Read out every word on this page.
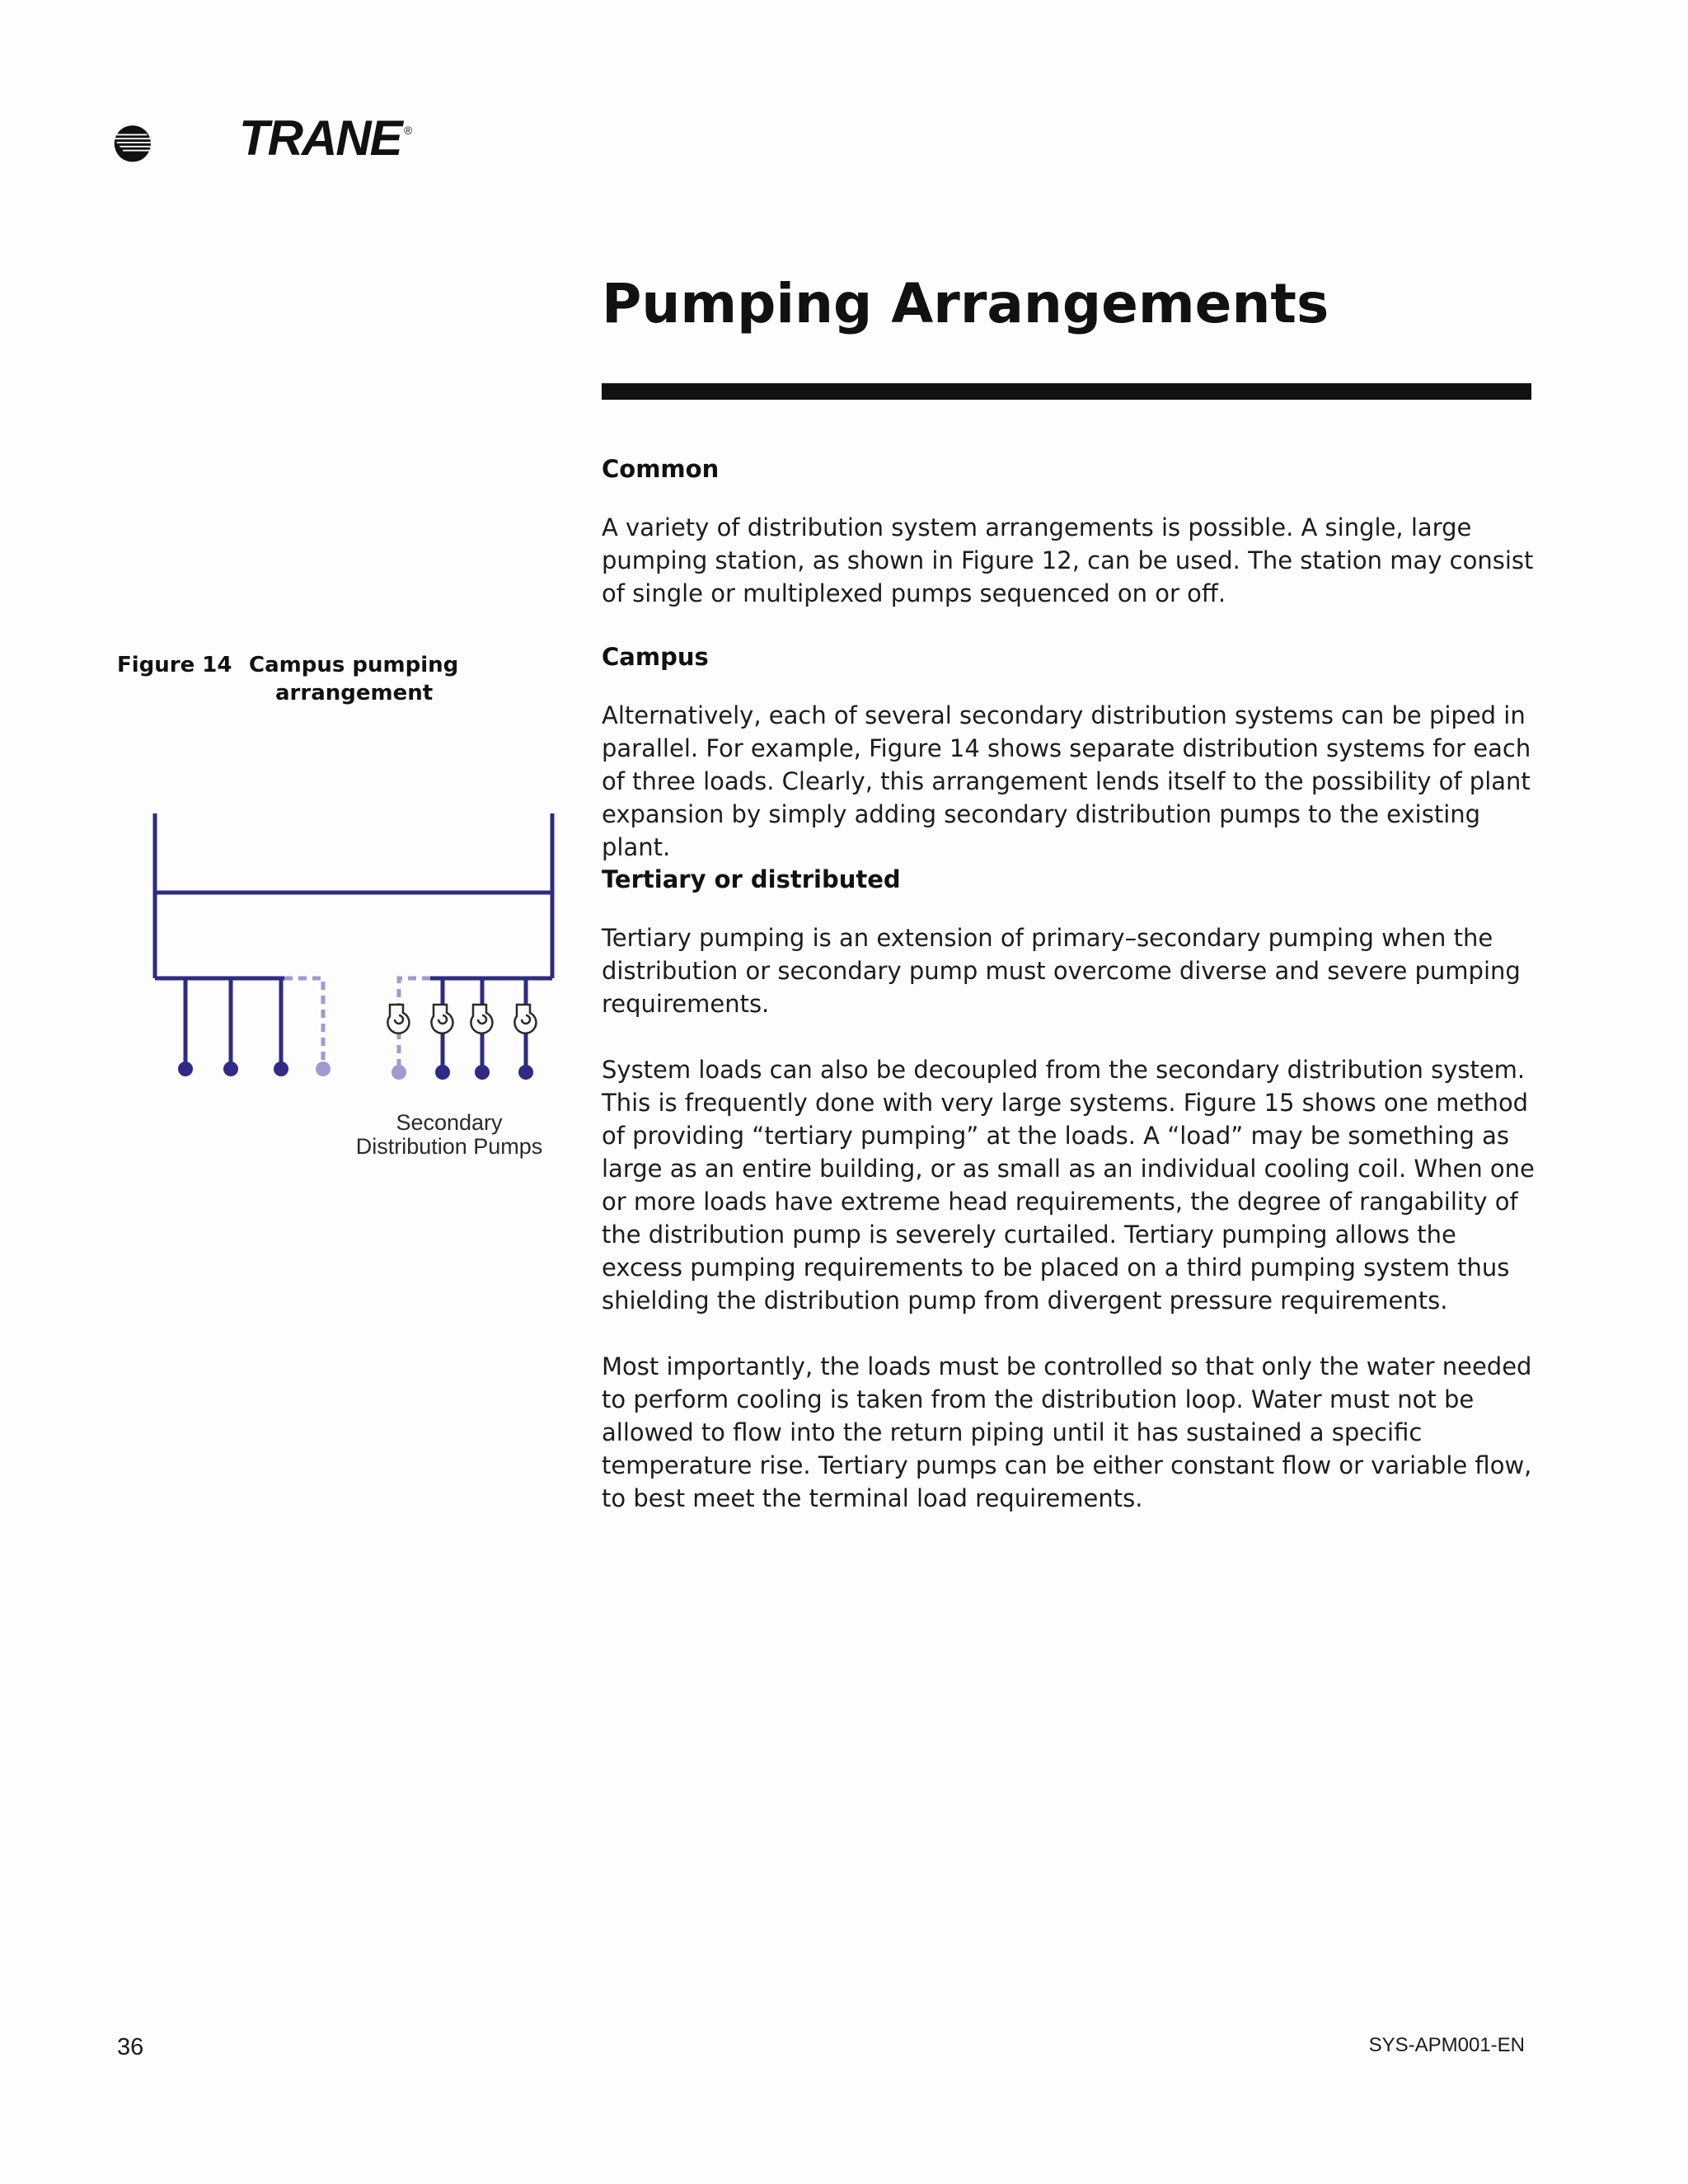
TRANE ®
Pumping Arrangements
Common

A variety of distribution system arrangements is possible. A single, large pumping station, as shown in Figure 12, can be used. The station may consist of single or multiplexed pumps sequenced on or off.

Campus

Alternatively, each of several secondary distribution systems can be piped in parallel. For example, Figure 14 shows separate distribution systems for each of three loads. Clearly, this arrangement lends itself to the possibility of plant expansion by simply adding secondary distribution pumps to the existing plant.

Tertiary or distributed

Tertiary pumping is an extension of primary–secondary pumping when the distribution or secondary pump must overcome diverse and severe pumping requirements.

System loads can also be decoupled from the secondary distribution system. This is frequently done with very large systems. Figure 15 shows one method of providing “tertiary pumping” at the loads. A “load” may be something as large as an entire building, or as small as an individual cooling coil. When one or more loads have extreme head requirements, the degree of rangability of the distribution pump is severely curtailed. Tertiary pumping allows the excess pumping requirements to be placed on a third pumping system thus shielding the distribution pump from divergent pressure requirements.

Most importantly, the loads must be controlled so that only the water needed to perform cooling is taken from the distribution loop. Water must not be allowed to flow into the return piping until it has sustained a specific temperature rise. Tertiary pumps can be either constant flow or variable flow, to best meet the terminal load requirements.

Figure 14 Campus pumping
arrangement
Secondary
Distribution Pumps
36	SYS-APM001-EN
